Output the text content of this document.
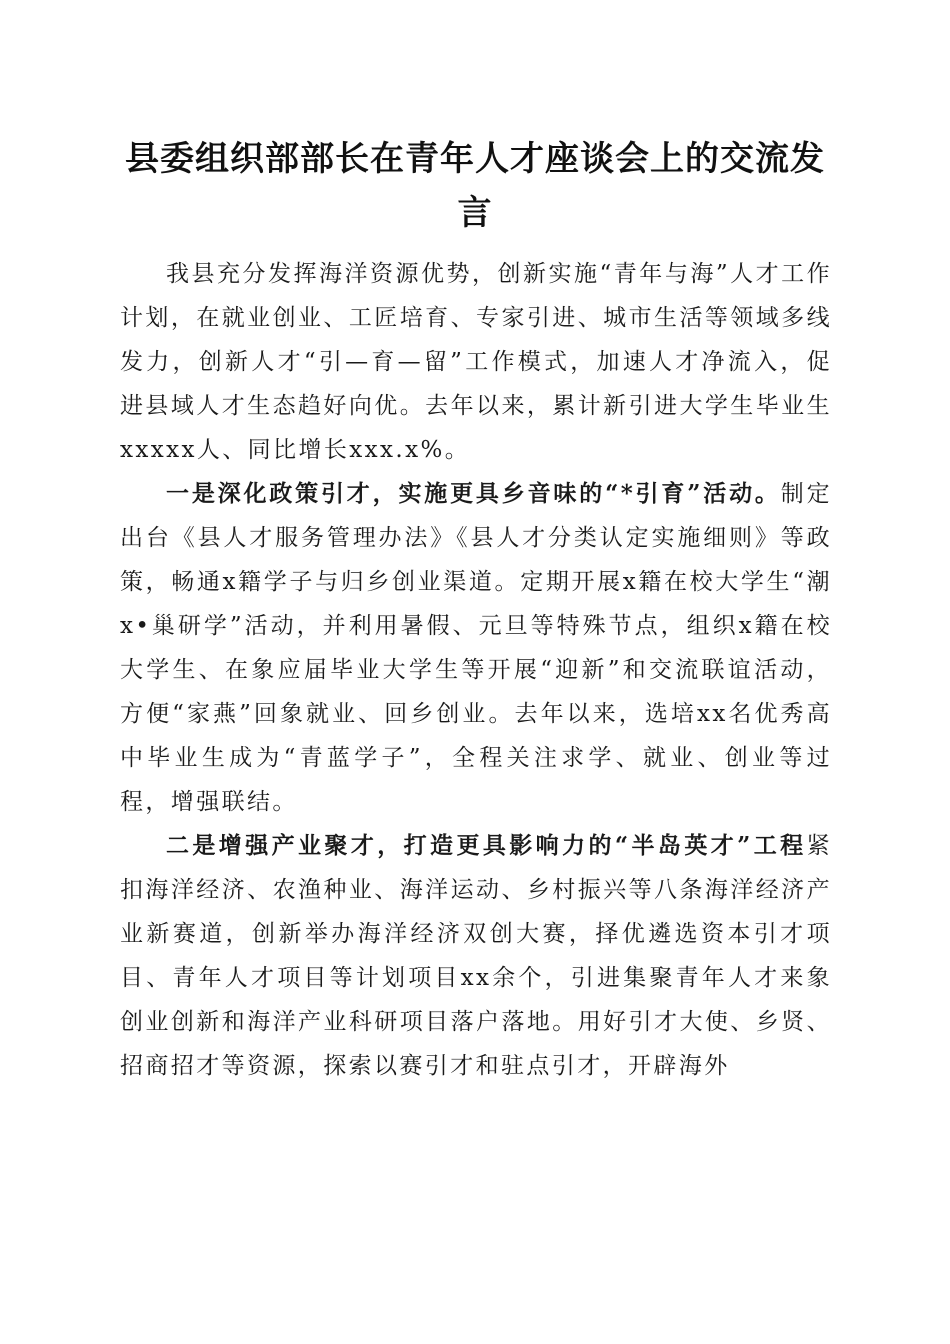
县委组织部部长在青年人才座谈会上的交流发言

我县充分发挥海洋资源优势，创新实施“青年与海”人才工作计划，在就业创业、工匠培育、专家引进、城市生活等领域多线发力，创新人才“引—育—留”工作模式，加速人才净流入，促进县域人才生态趋好向优。去年以来，累计新引进大学生毕业生xxxxx人、同比增长xxx.x%。

一是深化政策引才，实施更具乡音味的“*引育”活动。制定出台《县人才服务管理办法》《县人才分类认定实施细则》等政策，畅通x籍学子与归乡创业渠道。定期开展x籍在校大学生“潮x•巢研学”活动，并利用暑假、元旦等特殊节点，组织x籍在校大学生、在象应届毕业大学生等开展“迎新”和交流联谊活动，方便“家燕”回象就业、回乡创业。去年以来，选培xx名优秀高中毕业生成为“青蓝学子”，全程关注求学、就业、创业等过程，增强联结。

二是增强产业聚才，打造更具影响力的“半岛英才”工程紧扣海洋经济、农渔种业、海洋运动、乡村振兴等八条海洋经济产业新赛道，创新举办海洋经济双创大赛，择优遴选资本引才项目、青年人才项目等计划项目xx余个，引进集聚青年人才来象创业创新和海洋产业科研项目落户落地。用好引才大使、乡贤、招商招才等资源，探索以赛引才和驻点引才，开辟海外
